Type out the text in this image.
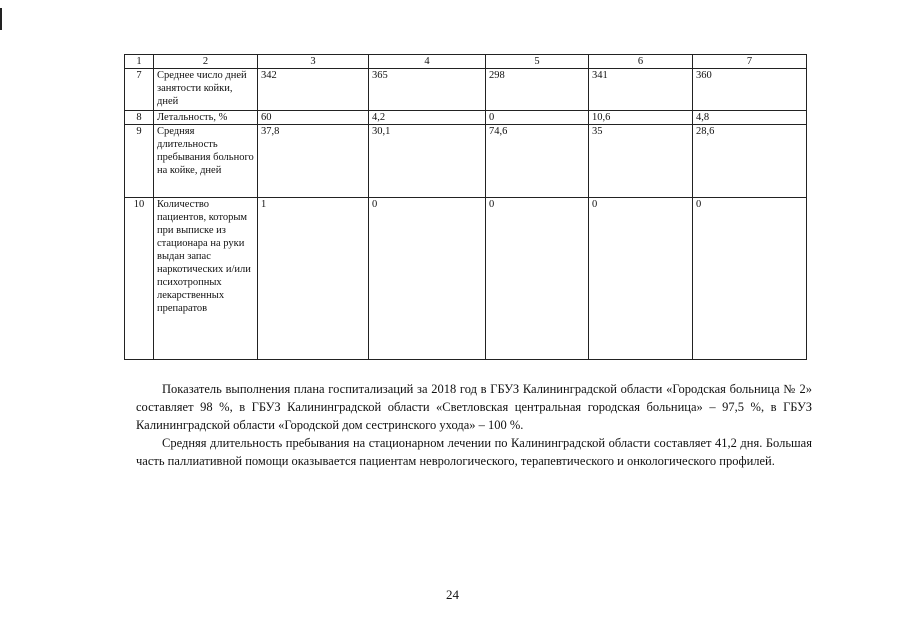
1	2	3	4	5	6	7
7	Среднее число дней занятости койки, дней	342	365	298	341	360
8	Летальность, %	60	4,2	0	10,6	4,8
9	Средняя длительность пребывания больного на койке, дней	37,8	30,1	74,6	35	28,6
10	Количество пациентов, которым при выписке из стационара на руки выдан запас наркотических и/или психотропных лекарственных препаратов	1	0	0	0	0

Показатель выполнения плана госпитализаций за 2018 год в ГБУЗ Калининградской области «Городская больница № 2» составляет 98 %, в ГБУЗ Калининградской области «Светловская центральная городская больница» – 97,5 %, в ГБУЗ Калининградской области «Городской дом сестринского ухода» – 100 %.

Средняя длительность пребывания на стационарном лечении по Калининградской области составляет 41,2 дня. Большая часть паллиативной помощи оказывается пациентам неврологического, терапевтического и онкологического профилей.

24
